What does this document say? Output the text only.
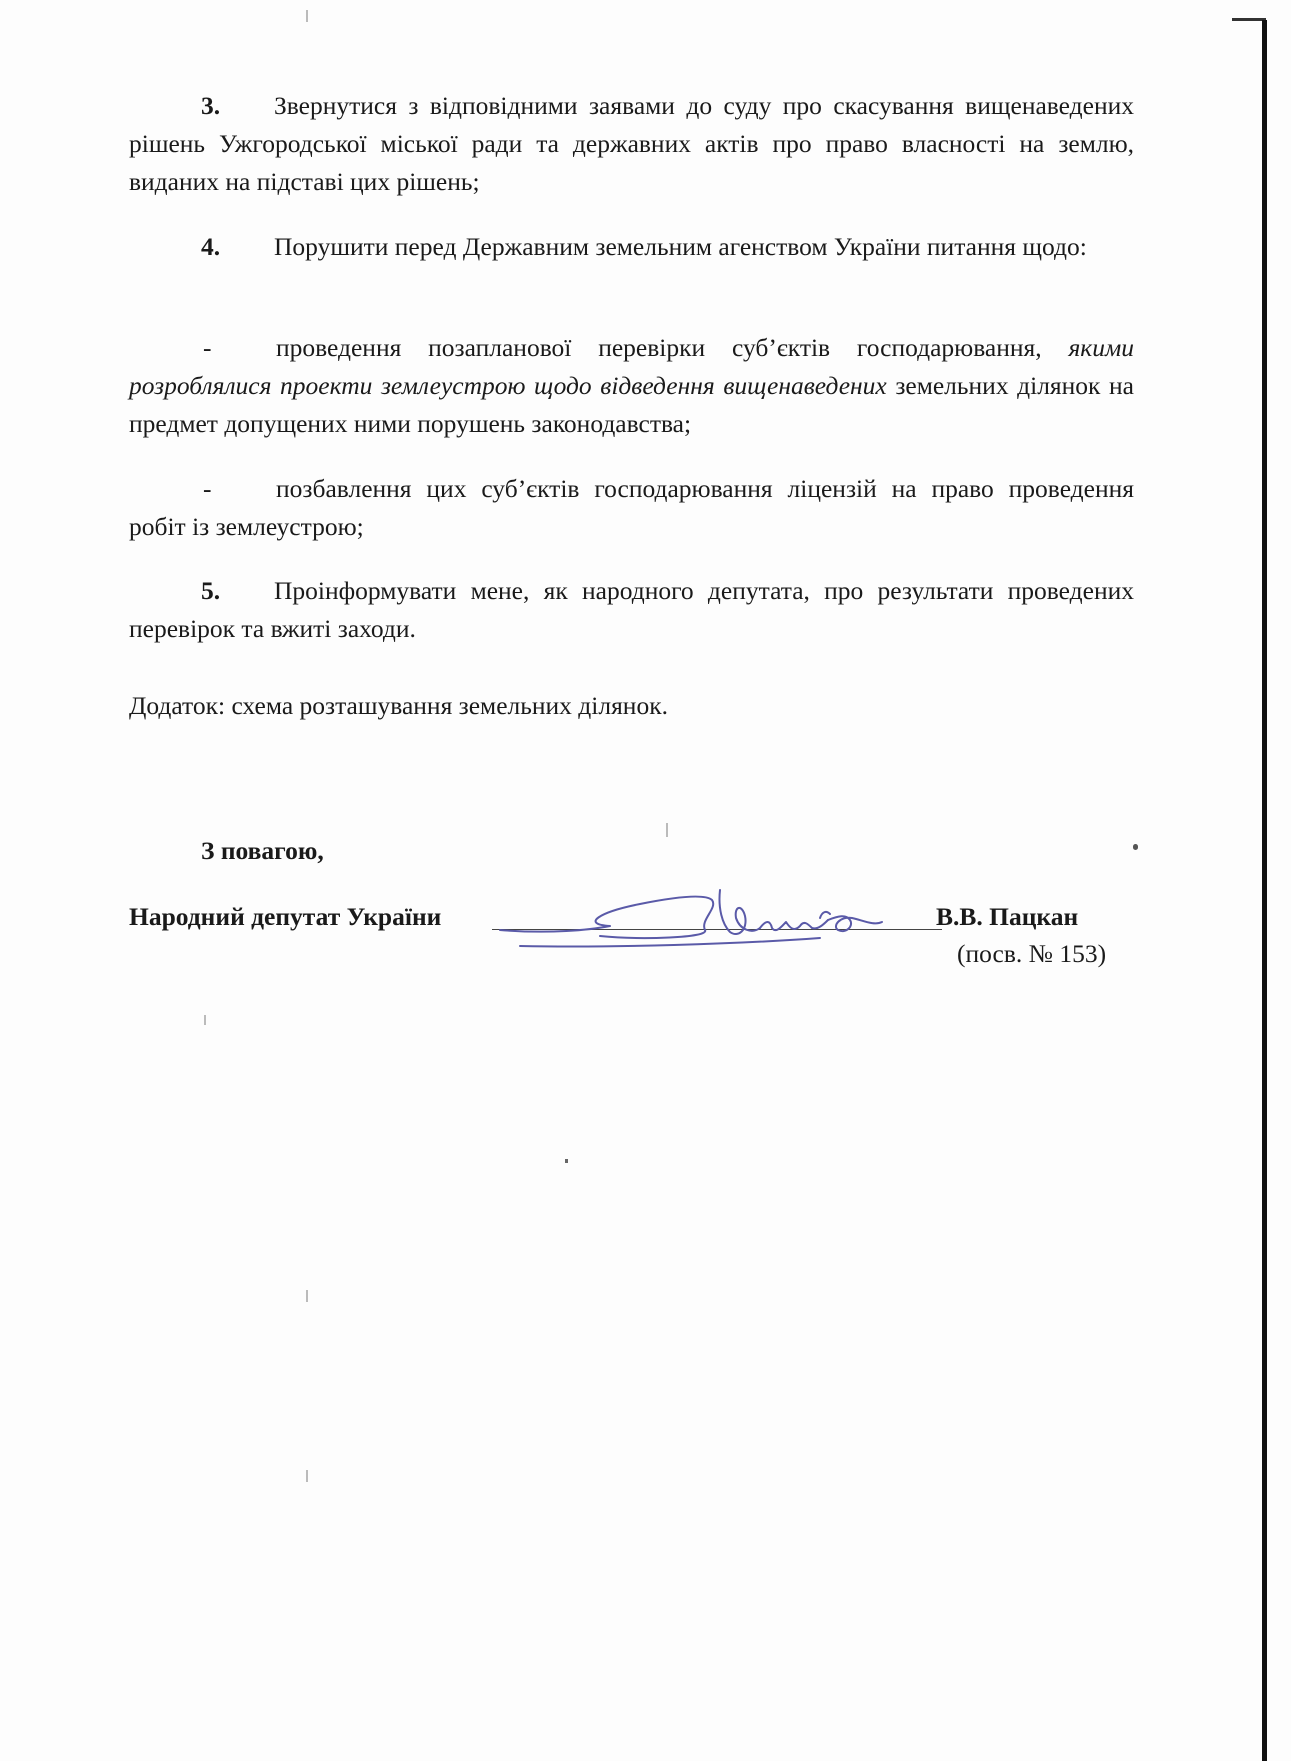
3. Звернутися з відповідними заявами до суду про скасування вищенаведених рішень Ужгородської міської ради та державних актів про право власності на землю, виданих на підставі цих рішень;

4. Порушити перед Державним земельним агенством України питання щодо:

-	проведення позапланової перевірки суб’єктів господарювання, якими розроблялися проекти землеустрою щодо відведення вищенаведених земельних ділянок на предмет допущених ними порушень законодавства;

-	позбавлення цих суб’єктів господарювання ліцензій на право проведення робіт із землеустрою;

5. Проінформувати мене, як народного депутата, про результати проведених перевірок та вжиті заходи.

Додаток: схема розташування земельних ділянок.

З повагою,
Народний депутат України	В.В. Пацкан
(посв. № 153)
